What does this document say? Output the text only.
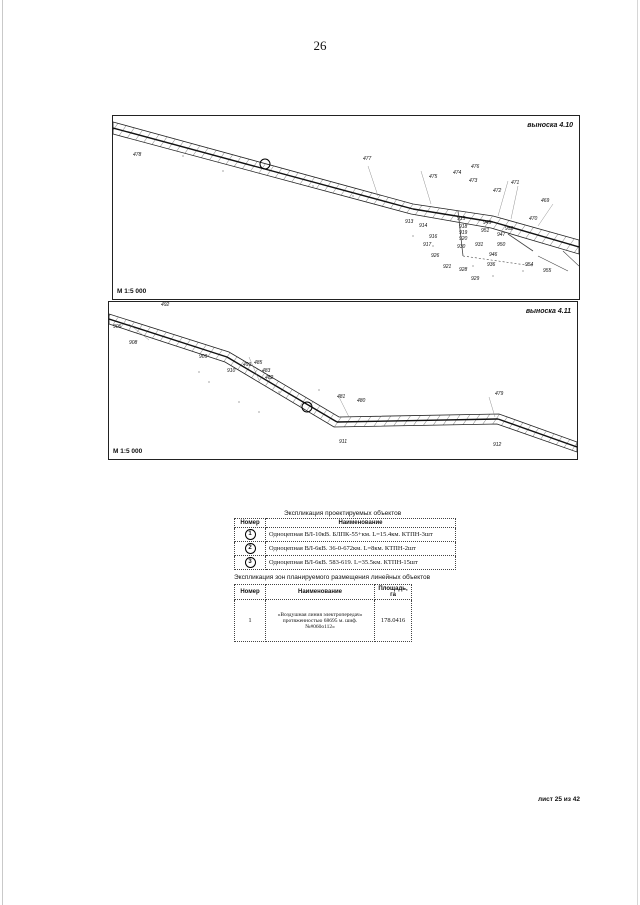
26
выноска 4.10
М 1:5 000
476
477
478
475
474
473
472
471
469
470
913
914
915
916
917
918
919
920
921
926
928
929
930 931
936
945
946
947
950
951	952
954
955
выноска 4.11
М 1:5 000
492
906
908
909
910
491 485
483
482
481
480
479
911	912
Экспликация проектируемых объектов
Номер	Наименование
1	Одноцепная ВЛ-10кВ. БЛПК-55+км. L=15.4км. КТПН-3шт
2	Одноцепная ВЛ-6кВ. 36-0-672км. L=8км. КТПН-2шт
3	Одноцепная ВЛ-6кВ. 583-619. L=35.5км. КТПН-15шт
Экспликация зон планируемого размещения линейных объектов
Номер	Наименование	Площадь, га
1	«Воздушная линия электропередач» протяженностью 68695 м. шиф.№#060о112»	178.0416
лист 25 из 42
